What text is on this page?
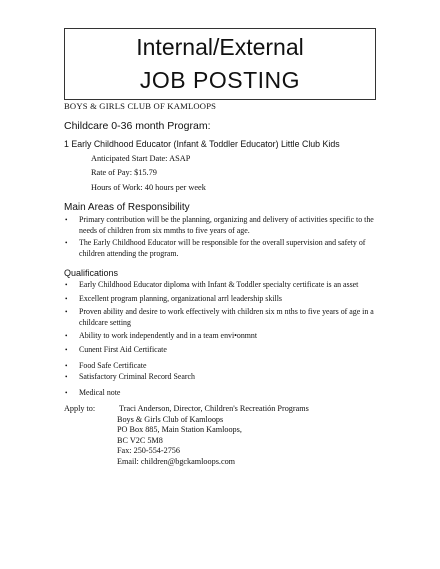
Internal/External
JOB POSTING
BOYS & GIRLS CLUB OF KAMLOOPS
Childcare 0-36 month Program:
1 Early Childhood Educator (Infant & Toddler Educator) Little Club Kids
Anticipated Start Date: ASAP
Rate of Pay: $15.79
Hours of Work: 40 hours per week
Main Areas of Responsibility
• Primary contribution will be the planning, organizing and delivery of activities specific to the needs of children from six mmths to five years of age.
• The Early Childhood Educator will be responsible for the overall supervision and safety of children attending the program.
Qualifications
• Early Childhood Educator diploma with Infant & Toddler specialty certificate is an asset
• Excellent program planning, organizational arrl leadership skills
• Proven ability and desire to work effectively with children six m nths to five years of age in a childcare setting
• Ability to work independently and in a team envi•onmnt
• Cunent First Aid Certificate
• Food Safe Certificate
• Satisfactory Criminal Record Search
• Medical note
Apply to:	Traci Anderson, Director, Children's Recreatión Programs
Boys & Girls Club of Kamloops
PO Box 885, Main Station Kamloops,
BC V2C 5M8
Fax: 250-554-2756
Email: children@bgckamloops.com
